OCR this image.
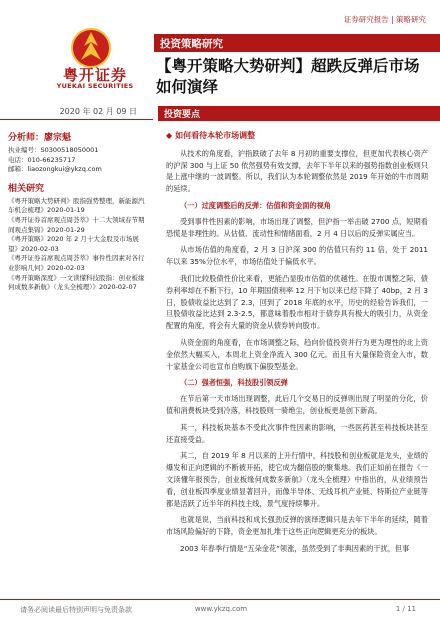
证券研究报告 | 策略研究
粤开证券
YUEKAI SECURITIES
投资策略研究
【粤开策略大势研判】超跌反弹后市场如何演绎
2020 年 02 月 09 日	投资要点
分析师：廖宗魁
执业编号：S0300518050001
电话：010-66235717
邮箱：liaozongkui@ykzq.com
相关研究
《粤开策略大势研判》股指强势整理，新能源汽车机会梳理》2020-01-19
《粤开证券首席观点周荟萃》十二大领域春节期间观点集锦》2020-01-29
《粤开策略》2020 年 2 月十大金股及市场展望》2020-02-03
《粤开证券首席观点周荟萃》事件性因素对各行业影响几何》2020-02-03
《粤开策略深度》一文读懂科技股指：创业板缘何成数多新航》（龙头全梳理）》2020-02-07
◆ 如何看待本轮市场调整
从技术的角度看，沪指跌破了去年 8 月初的重要支撑位，但更加代表核心资产的沪深 300 与上证 50 依然强势有效支撑，去年下半年以来的强势指数创业板则只是上涨中继的一波调整。所以，我们认为本轮调整依然是 2019 年开始的牛市周期的延续。
（一）过度调整后的反弹：估值和资金面的视角
受到事件性因素的影响，市场出现了调整，但沪指一举击破 2700 点，短期看恐慌是非理性的。从估值、流动性和情绪面看，2 月 4 日以后的反弹实属应当。
从市场估值的角度看，2 月 3 日沪深 300 的估值只有约 11 倍，处于 2011 年以来 35%分位水平，市场估值处于偏低水平。
我们比较股债性价比来看，更能凸显股市估值的优越性。在股市调整之际，债券利率却在不断下行，10 年期国债利率 12 月下旬以来已经下降了 40bp，2 月 3 日，股债收益比达到了 2.3，回到了 2018 年底的水平，历史的经验告诉我们，一旦股债收益比达到 2.3-2.5，都意味着股市相对于债券具有极大的吸引力，从资金配置的角度，将会有大量的资金从债券转向股市。
从资金面的角度看，在市场调整之际，趋向价值投资并行为更为理性的北上资金依然大幅买入，本周北上资金净流入 300 亿元。而且有大量保险资金入市，数十家基金公司也宣布自购旗下偏股型基金。
（二）强者恒强，科技股引领反弹
在节后第一天市场出现调整，此后几个交易日的反弹则出现了明显的分化，价值和消费板块受到冷落，科技股则一骑绝尘，创业板更是创下新高。
其一，科技板块基本不受此次事件性因素的影响，一些医药甚至科技板块甚至还直接受益。
其二，自 2019 年 8 月以来的上升行情中，科技股和创业板就是龙头，业绩的爆发和正向逻辑的不断被开拓，使它成为翻倍股的聚集地。我们正如前在报告《一文读懂年报预告，创业板缘何成数多新航》（龙头全梳理）中指出的，从业绩预告看，创业板四季度业绩显著回升，而像半导体、无线耳机产业链、特斯拉产业链等都是活跃了近半年的科技主线，景气度持续攀升。
也就是说，当前科技和成长强劲反弹的演绎逻辑只是去年下半年的延续，随着市场风险偏好的下降，资金更加扎堆于这些正向逻辑更充分的板块。
2003 年春季行情是“五朵金花”领涨，虽然受到了非典因素的干扰，但事
请务必阅读最后特别声明与免责条款	www.ykzq.com	1 / 11
